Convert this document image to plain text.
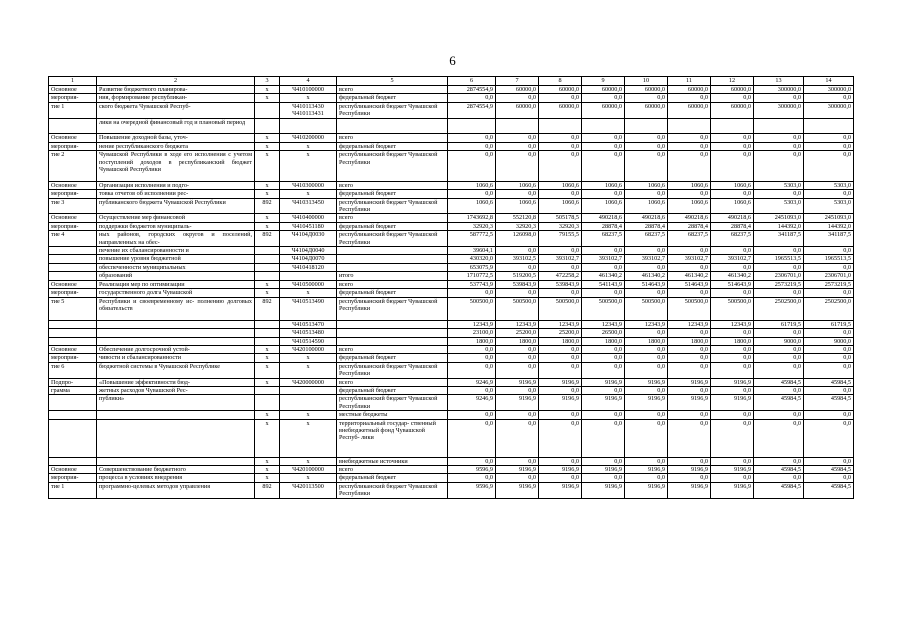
6
1	2	3	4	5	6	7	8	9	10	11	12	13	14
Основное	Развитие бюджетного планирова-	x	Ч410100000	всего	2874554,9	60000,0	60000,0	60000,0	60000,0	60000,0	60000,0	300000,0	300000,0
мероприя-	ния, формирование республикан-	x	x	федеральный бюджет	0,0	0,0	0,0	0,0	0,0	0,0	0,0	0,0	0,0
тие 1	ского бюджета Чувашской Респуб-		Ч410113430 Ч410113431	республиканский бюджет Чувашской Республики	2874554,9	60000,0	60000,0	60000,0	60000,0	60000,0	60000,0	300000,0	300000,0
	лики на очередной финансовый год и плановый период												
Основное	Повышение доходной базы, уточ-	x	Ч410200000	всего	0,0	0,0	0,0	0,0	0,0	0,0	0,0	0,0	0,0
мероприя-	нение республиканского бюджета	x	x	федеральный бюджет	0,0	0,0	0,0	0,0	0,0	0,0	0,0	0,0	0,0
тие 2	Чувашской Республики в ходе его исполнения с учетом поступлений доходов в республиканский бюджет Чувашской Республики	x	x	республиканский бюджет Чувашской Республики	0,0	0,0	0,0	0,0	0,0	0,0	0,0	0,0	0,0
Основное	Организация исполнения и подго-	x	Ч410300000	всего	1060,6	1060,6	1060,6	1060,6	1060,6	1060,6	1060,6	5303,0	5303,0
мероприя-	товка отчетов об исполнении рес-	x	x	федеральный бюджет	0,0	0,0	0,0	0,0	0,0	0,0	0,0	0,0	0,0
тие 3	публиканского бюджета Чувашской Республики	892	Ч410313450	республиканский бюджет Чувашской Республики	1060,6	1060,6	1060,6	1060,6	1060,6	1060,6	1060,6	5303,0	5303,0
Основное	Осуществление мер финансовой	x	Ч410400000	всего	1743692,8	552120,8	505178,5	490218,6	490218,6	490218,6	490218,6	2451093,0	2451093,0
мероприя-	поддержки бюджетов муниципаль-	x	Ч410451180	федеральный бюджет	32920,3	32920,3	32920,3	28878,4	28878,4	28878,4	28878,4	144392,0	144392,0
тие 4	ных районов, городских округов и поселений, направленных на обес-	892	Ч4104Д0030	республиканский бюджет Чувашской Республики	587772,5	126098,0	79155,5	68237,5	68237,5	68237,5	68237,5	341187,5	341187,5
	печение их сбалансированности и		Ч4104Д0040		39604,1	0,0	0,0	0,0	0,0	0,0	0,0	0,0	0,0
	повышение уровня бюджетной		Ч4104Д0070		430320,0	393102,5	393102,7	393102,7	393102,7	393102,7	393102,7	1965513,5	1965513,5
	обеспеченности муниципальных		Ч410418120		653075,9	0,0	0,0	0,0	0,0	0,0	0,0	0,0	0,0
	образований			итого	1710772,5	519200,5	472258,2	461340,2	461340,2	461340,2	461340,2	2306701,0	2306701,0
Основное	Реализация мер по оптимизации	x	Ч410500000	всего	537743,9	539843,9	539843,9	541143,9	514643,9	514643,9	514643,9	2573219,5	2573219,5
мероприя-	государственного долга Чувашской	x	x	федеральный бюджет	0,0	0,0	0,0	0,0	0,0	0,0	0,0	0,0	0,0
тие 5	Республики и своевременному ис- полнению долговых обязательств	892	Ч410513490	республиканский бюджет Чувашской Республики	500500,0	500500,0	500500,0	500500,0	500500,0	500500,0	500500,0	2502500,0	2502500,0
			Ч410513470		12343,9	12343,9	12343,9	12343,9	12343,9	12343,9	12343,9	61719,5	61719,5
			Ч410513480		23100,0	25200,0	25200,0	26500,0	0,0	0,0	0,0	0,0	0,0
			Ч410514590		1800,0	1800,0	1800,0	1800,0	1800,0	1800,0	1800,0	9000,0	9000,0
Основное	Обеспечение долгосрочной устой-	x	Ч420100000	всего	0,0	0,0	0,0	0,0	0,0	0,0	0,0	0,0	0,0
мероприя-	чивости и сбалансированности	x	x	федеральный бюджет	0,0	0,0	0,0	0,0	0,0	0,0	0,0	0,0	0,0
тие 6	бюджетной системы в Чувашской Республике	x	x	республиканский бюджет Чувашской Республики	0,0	0,0	0,0	0,0	0,0	0,0	0,0	0,0	0,0
Подпро-	«Повышение эффективности бюд-	x	Ч420000000	всего	9246,9	9196,9	9196,9	9196,9	9196,9	9196,9	9196,9	45984,5	45984,5
грамма	жетных расходов Чувашской Рес-			федеральный бюджет	0,0	0,0	0,0	0,0	0,0	0,0	0,0	0,0	0,0
	публики»			республиканский бюджет Чувашской Республики	9246,9	9196,9	9196,9	9196,9	9196,9	9196,9	9196,9	45984,5	45984,5
		x	x	местные бюджеты	0,0	0,0	0,0	0,0	0,0	0,0	0,0	0,0	0,0
		x	x	территориальный государ- ственный внебюджетный фонд Чувашской Респуб- лики	0,0	0,0	0,0	0,0	0,0	0,0	0,0	0,0	0,0
		x	x	внебюджетные источники	0,0	0,0	0,0	0,0	0,0	0,0	0,0	0,0	0,0
Основное	Совершенствование бюджетного	x	Ч420100000	всего	9596,9	9196,9	9196,9	9196,9	9196,9	9196,9	9196,9	45984,5	45984,5
мероприя-	процесса в условиях внедрения	x	x	федеральный бюджет	0,0	0,0	0,0	0,0	0,0	0,0	0,0	0,0	0,0
тие 1	программно-целевых методов управления	892	Ч420113500	республиканский бюджет Чувашской Республики	9596,9	9196,9	9196,9	9196,9	9196,9	9196,9	9196,9	45984,5	45984,5
